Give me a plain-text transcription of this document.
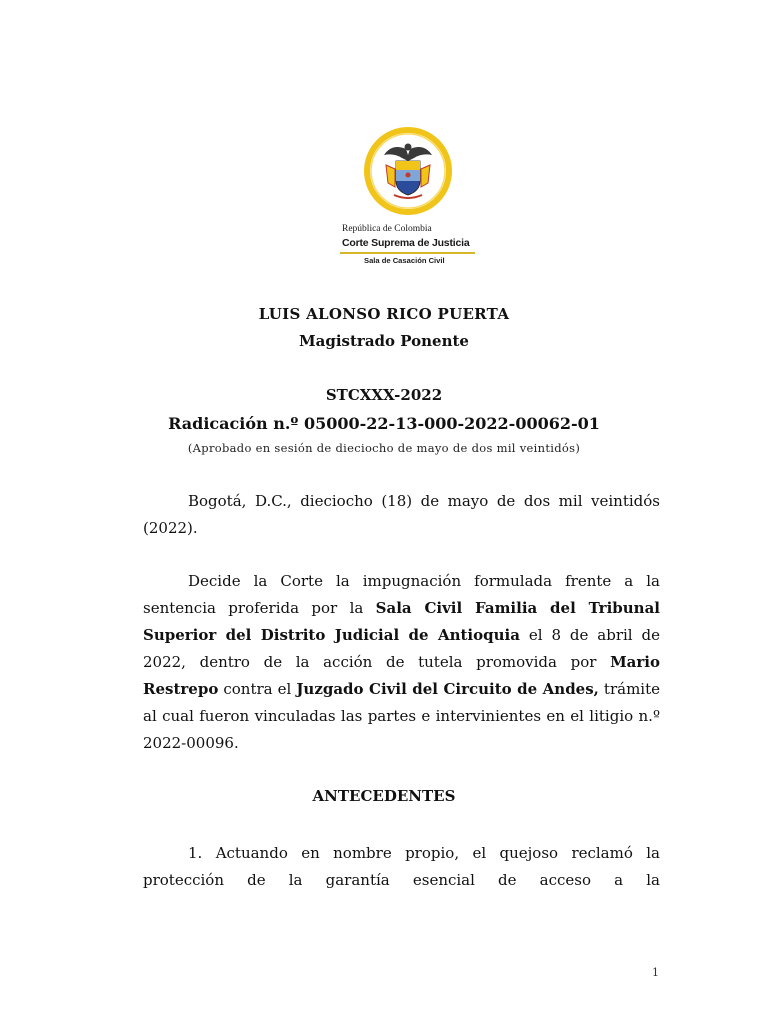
República de Colombia
Corte Suprema de Justicia
Sala de Casación Civil
LUIS ALONSO RICO PUERTA
Magistrado Ponente
STCXXX-2022
Radicación n.º 05000-22-13-000-2022-00062-01
(Aprobado en sesión de dieciocho de mayo de dos mil veintidós)
Bogotá, D.C., dieciocho (18) de mayo de dos mil veintidós (2022).
Decide la Corte la impugnación formulada frente a la sentencia proferida por la Sala Civil Familia del Tribunal Superior del Distrito Judicial de Antioquia el 8 de abril de 2022, dentro de la acción de tutela promovida por Mario Restrepo contra el Juzgado Civil del Circuito de Andes, trámite al cual fueron vinculadas las partes e intervinientes en el litigio n.º 2022-00096.
ANTECEDENTES
1. Actuando en nombre propio, el quejoso reclamó la
protección de la garantía esencial de acceso a la
1
